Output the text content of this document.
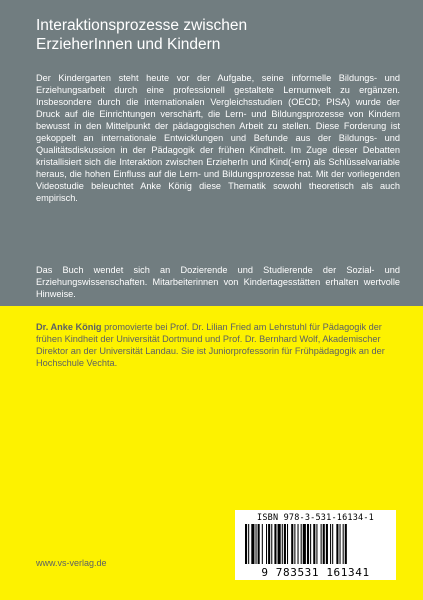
Interaktionsprozesse zwischen
ErzieherInnen und Kindern

Der Kindergarten steht heute vor der Aufgabe, seine informelle Bildungs- und Erziehungsarbeit durch eine professionell gestaltete Lernumwelt zu ergänzen. Insbesondere durch die internationalen Vergleichsstudien (OECD; PISA) wurde der Druck auf die Einrichtungen verschärft, die Lern- und Bildungsprozesse von Kindern bewusst in den Mittelpunkt der pädagogischen Arbeit zu stellen. Diese Forderung ist gekoppelt an internationale Entwicklungen und Befunde aus der Bildungs- und Qualitätsdiskussion in der Pädagogik der frühen Kindheit. Im Zuge dieser Debatten kristallisiert sich die Interaktion zwischen ErzieherIn und Kind(-ern) als Schlüsselvariable heraus, die hohen Einfluss auf die Lern- und Bildungsprozesse hat. Mit der vorliegenden Videostudie beleuchtet Anke König diese Thematik sowohl theoretisch als auch empirisch.

Das Buch wendet sich an Dozierende und Studierende der Sozial- und Erziehungswissenschaften. Mitarbeiterinnen von Kindertagesstätten erhalten wertvolle Hinweise.

Dr. Anke König promovierte bei Prof. Dr. Lilian Fried am Lehrstuhl für Pädagogik der frühen Kindheit der Universität Dortmund und Prof. Dr. Bernhard Wolf, Akademischer Direktor an der Universität Landau. Sie ist Juniorprofessorin für Frühpädagogik an der Hochschule Vechta.

www.vs-verlag.de

ISBN 978-3-531-16134-1
9 783531 161341
